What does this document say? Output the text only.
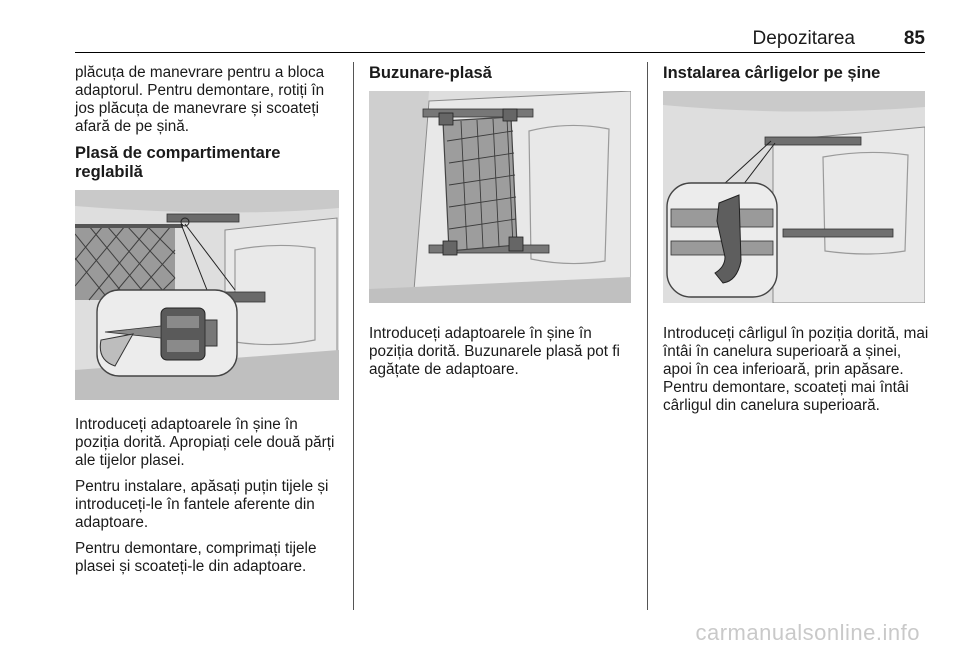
Depozitarea	85

plăcuța de manevrare pentru a bloca adaptorul. Pentru demontare, rotiți în jos plăcuța de manevrare și scoateți afară de pe șină.

Plasă de compartimentare reglabilă

Introduceți adaptoarele în șine în poziția dorită. Apropiați cele două părți ale tijelor plasei.

Pentru instalare, apăsați puțin tijele și introduceți-le în fantele aferente din adaptoare.

Pentru demontare, comprimați tijele plasei și scoateți-le din adaptoare.

Buzunare-plasă

Introduceți adaptoarele în șine în poziția dorită. Buzunarele plasă pot fi agățate de adaptoare.

Instalarea cârligelor pe șine

Introduceți cârligul în poziția dorită, mai întâi în canelura superioară a șinei, apoi în cea inferioară, prin apăsare. Pentru demontare, scoateți mai întâi cârligul din canelura superioară.

carmanualsonline.info
